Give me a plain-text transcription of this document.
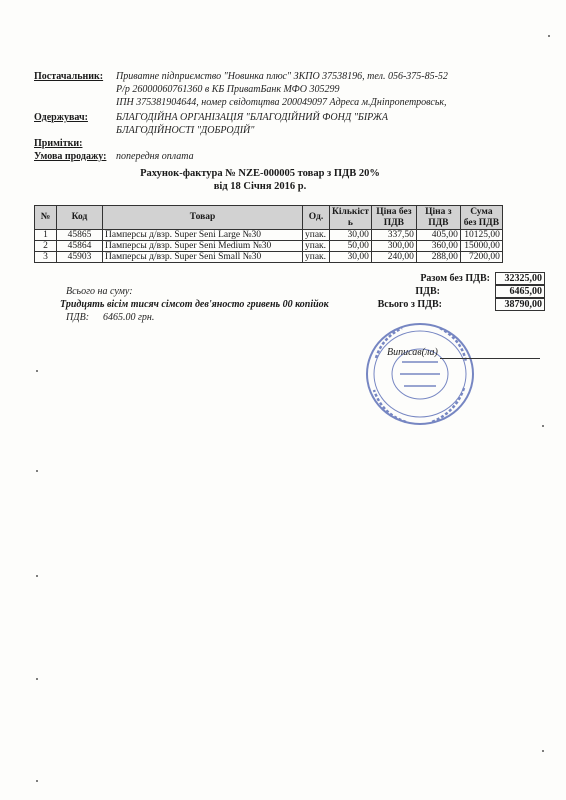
Постачальник: Приватне підприємство "Новинка плюс" ЗКПО 37538196, тел. 056-375-85-52
Р/р 26000060761360 в КБ ПриватБанк МФО 305299
ІПН 375381904644, номер свідотцтва 200049097 Адреса м.Дніпропетровськ,
Одержувач:	БЛАГОДІЙНА ОРГАНІЗАЦІЯ "БЛАГОДІЙНИЙ ФОНД "БІРЖА
БЛАГОДІЙНОСТІ "ДОБРОДІЙ"
Примітки:
Умова продажу: попередня оплата
Рахунок-фактура № NZE-000005 товар з ПДВ 20%
від 18 Січня 2016 р.
№	Код	Товар	Од.	Кількіст ь	Ціна без ПДВ	Ціна з ПДВ	Сума без ПДВ
1	45865	Памперсы д/взр. Super Seni Large №30	упак.	30,00	337,50	405,00	10125,00
2	45864	Памперсы д/взр. Super Seni Medium №30	упак.	50,00	300,00	360,00	15000,00
3	45903	Памперсы д/взр. Super Seni Small №30	упак.	30,00	240,00	288,00	7200,00
Разом без ПДВ:	32325,00
ПДВ:	6465,00
Всього з ПДВ:	38790,00
Всього на суму:
Тридцять вісім тисяч сімсот дев'яносто гривень 00 копійок
ПДВ: 6465.00 грн.
Виписав(ла)
